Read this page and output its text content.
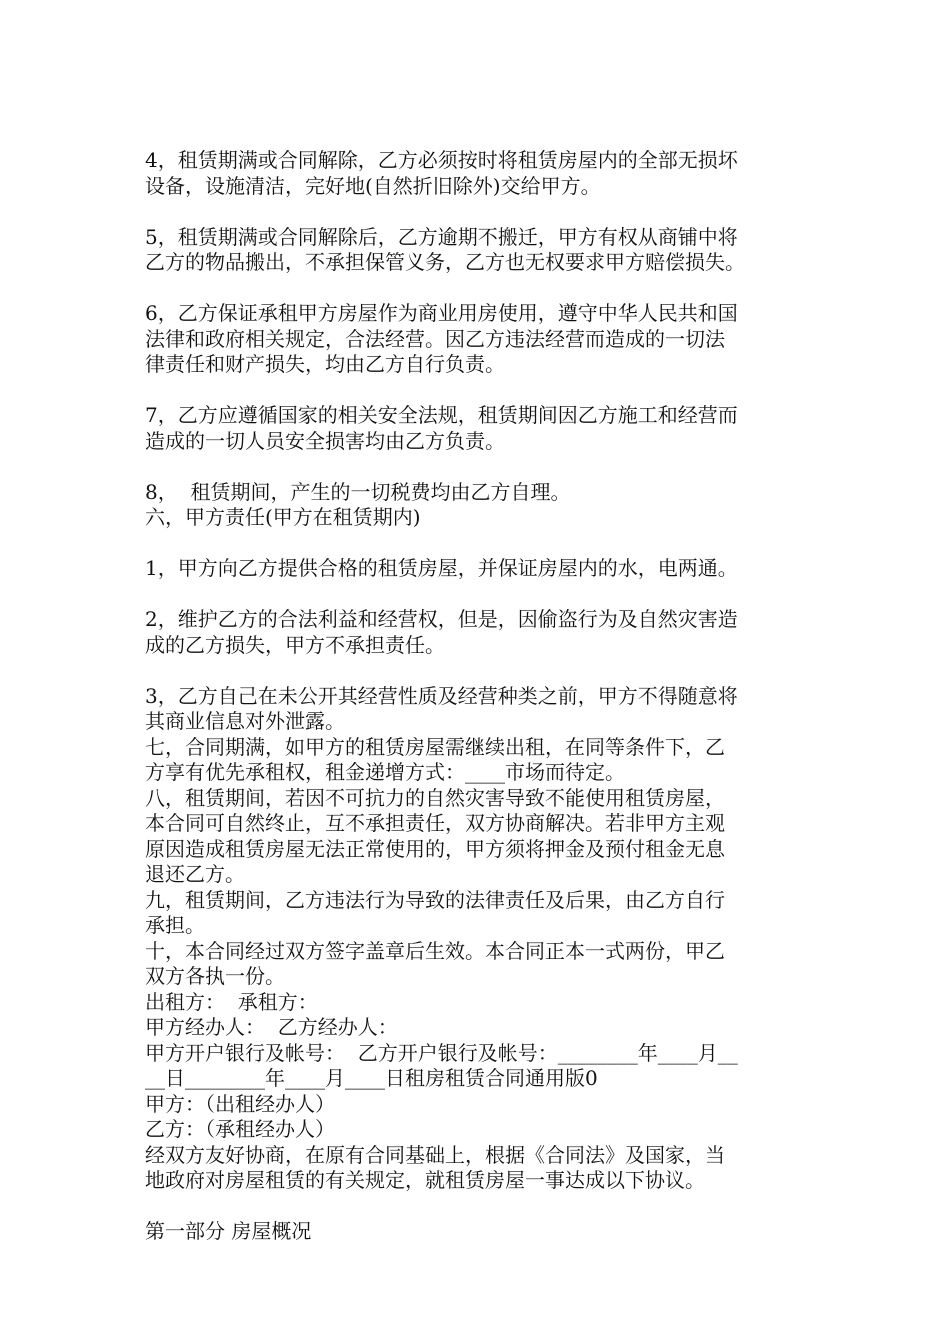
4，租赁期满或合同解除，乙方必须按时将租赁房屋内的全部无损坏
设备，设施清洁，完好地(自然折旧除外)交给甲方。

5，租赁期满或合同解除后，乙方逾期不搬迁，甲方有权从商铺中将
乙方的物品搬出，不承担保管义务，乙方也无权要求甲方赔偿损失。

6，乙方保证承租甲方房屋作为商业用房使用，遵守中华人民共和国
法律和政府相关规定，合法经营。因乙方违法经营而造成的一切法
律责任和财产损失，均由乙方自行负责。

7，乙方应遵循国家的相关安全法规，租赁期间因乙方施工和经营而
造成的一切人员安全损害均由乙方负责。

8，  租赁期间，产生的一切税费均由乙方自理。

六，甲方责任(甲方在租赁期内)

1，甲方向乙方提供合格的租赁房屋，并保证房屋内的水，电两通。

2，维护乙方的合法利益和经营权，但是，因偷盗行为及自然灾害造
成的乙方损失，甲方不承担责任。

3，乙方自己在未公开其经营性质及经营种类之前，甲方不得随意将
其商业信息对外泄露。

七，合同期满，如甲方的租赁房屋需继续出租，在同等条件下，乙
方享有优先承租权，租金递增方式：____市场而待定。

八，租赁期间，若因不可抗力的自然灾害导致不能使用租赁房屋，
本合同可自然终止，互不承担责任，双方协商解决。若非甲方主观
原因造成租赁房屋无法正常使用的，甲方须将押金及预付租金无息
退还乙方。

九，租赁期间，乙方违法行为导致的法律责任及后果，由乙方自行
承担。

十，本合同经过双方签字盖章后生效。本合同正本一式两份，甲乙
双方各执一份。

出租方：  承租方：

甲方经办人：  乙方经办人：

甲方开户银行及帐号：  乙方开户银行及帐号：________年____月__
__日________年____月____日租房租赁合同通用版0

甲方：（出租经办人）

乙方：（承租经办人）

经双方友好协商，在原有合同基础上，根据《合同法》及国家，当
地政府对房屋租赁的有关规定，就租赁房屋一事达成以下协议。

第一部分 房屋概况
